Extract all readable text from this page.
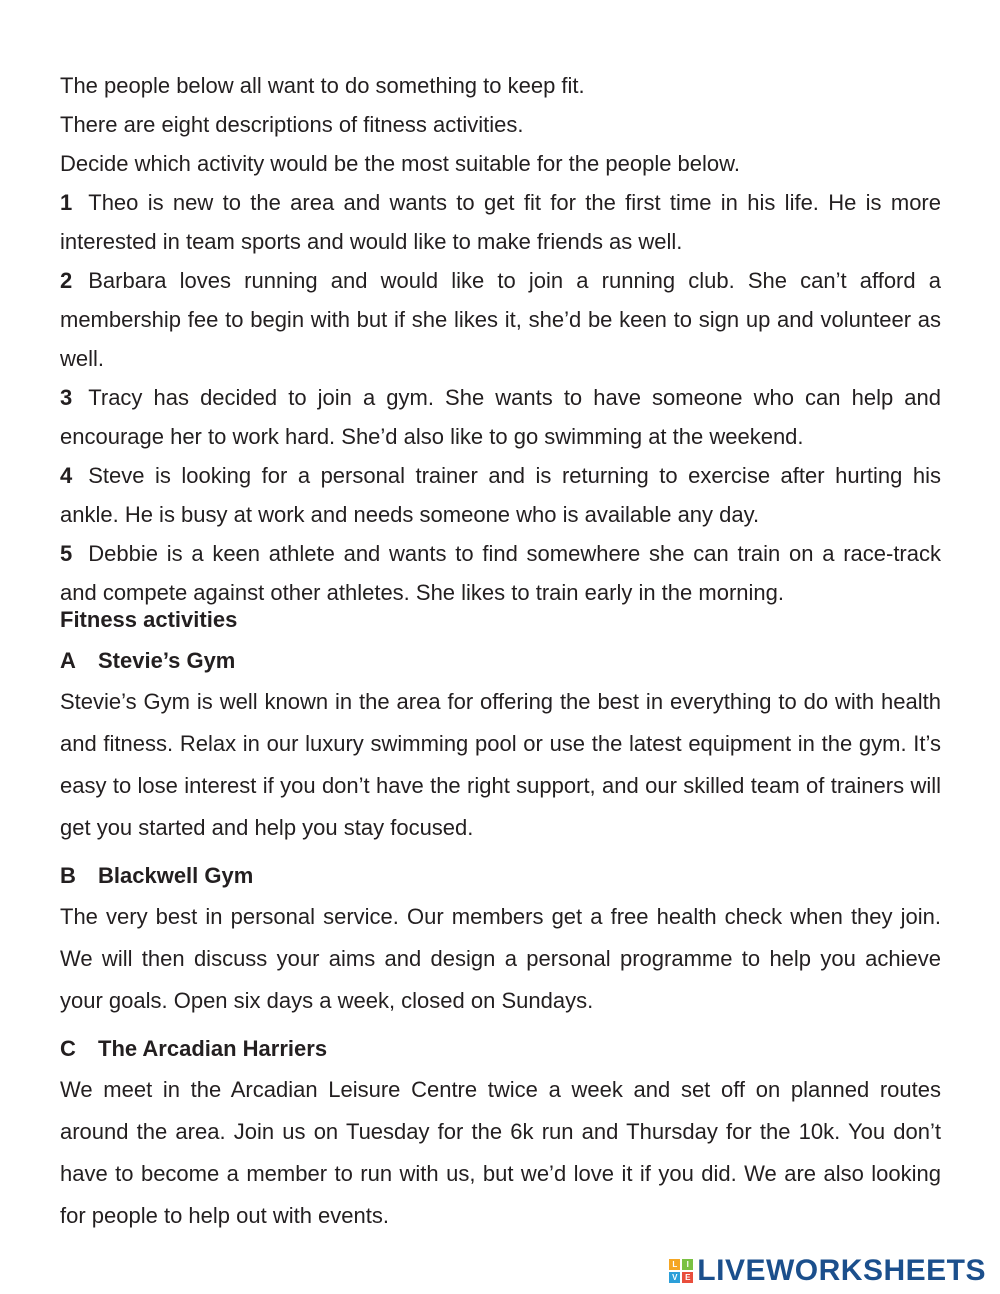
The people below all want to do something to keep fit.

There are eight descriptions of fitness activities.

Decide which activity would be the most suitable for the people below.

1 Theo is new to the area and wants to get fit for the first time in his life. He is more interested in team sports and would like to make friends as well.

2 Barbara loves running and would like to join a running club. She can’t afford a membership fee to begin with but if she likes it, she’d be keen to sign up and volunteer as well.

3 Tracy has decided to join a gym. She wants to have someone who can help and encourage her to work hard. She’d also like to go swimming at the weekend.

4 Steve is looking for a personal trainer and is returning to exercise after hurting his ankle. He is busy at work and needs someone who is available any day.

5 Debbie is a keen athlete and wants to find somewhere she can train on a race-track and compete against other athletes. She likes to train early in the morning.

Fitness activities
A Stevie’s Gym

Stevie’s Gym is well known in the area for offering the best in everything to do with health and fitness. Relax in our luxury swimming pool or use the latest equipment in the gym. It’s easy to lose interest if you don’t have the right support, and our skilled team of trainers will get you started and help you stay focused.

B Blackwell Gym

The very best in personal service. Our members get a free health check when they join. We will then discuss your aims and design a personal programme to help you achieve your goals. Open six days a week, closed on Sundays.

C The Arcadian Harriers

We meet in the Arcadian Leisure Centre twice a week and set off on planned routes around the area. Join us on Tuesday for the 6k run and Thursday for the 10k. You don’t have to become a member to run with us, but we’d love it if you did. We are also looking for people to help out with events.

L	I
V E LIVEWORKSHEETS
